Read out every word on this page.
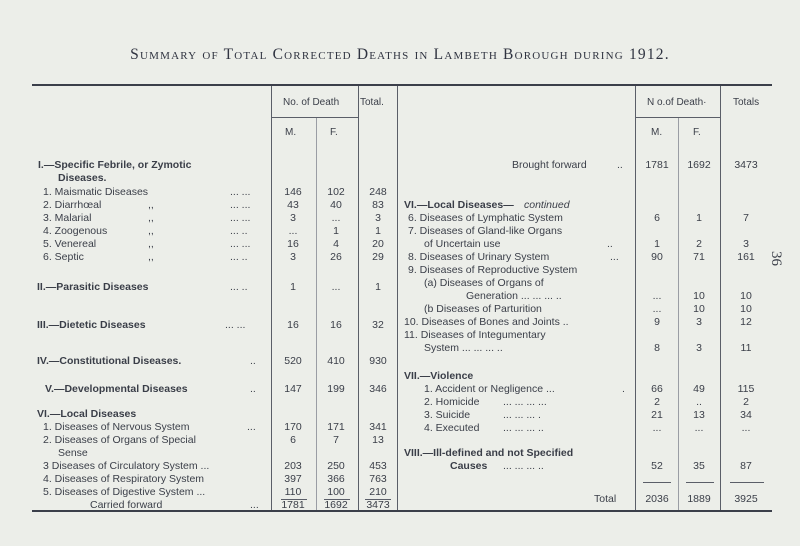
Summary of Total Corrected Deaths in Lambeth Borough during 1912.
36
No. of Death Total.
M.	F.
N o.of Death·	Totals
M.	F.
I.—Specific Febrile, or Zymotic
Diseases.
1. Maismatic Diseases	... ...	146	102	248
2. Diarrhœal	,,	... ...	43	40	83
3. Malarial	,,	... ...	3	...	3
4. Zoogenous	,,	... ..	...	1	1
5. Venereal	,,	... ...	16	4	20
6. Septic	,,	... ..	3	26	29
II.—Parasitic Diseases	... ..	1	...	1
III.—Dietetic Diseases	... ...	16	16	32
IV.—Constitutional Diseases.	..	520	410	930
V.—Developmental Diseases	..	147	199	346
VI.—Local Diseases
1. Diseases of Nervous System	...	170	171	341
2. Diseases of Organs of Special	6	7	13
Sense
3 Diseases of Circulatory System ...	203	250	453
4. Diseases of Respiratory System	397	366	763
5. Diseases of Digestive System ...	110	100	210
Carried forward	...	1781	1692	3473
Brought forward	..	1781	1692	3473
VI.—Local Diseases— continued
6. Diseases of Lymphatic System	6	1	7
7. Diseases of Gland-like Organs
of Uncertain use	..	1	2	3
8. Diseases of Urinary System	...	90	71	161
9. Diseases of Reproductive System
(a) Diseases of Organs of
Generation ... ... ... ..	...	10	10
(b Diseases of Parturition	...	10	10
10. Diseases of Bones and Joints ..	9	3	12
11. Diseases of Integumentary
System ... ... ... ..	8	3	11
VII.—Violence
1. Accident or Negligence ...	.	66	49	115
2. Homicide ... ... ... ...	2	..	2
3. Suicide	... ... ... .	21	13	34
4. Executed ... ... ... ..	...	...	...
VIII.—Ill-defined and not Specified
Causes ... ... ... ..	52	35	87
Total	2036	1889	3925
